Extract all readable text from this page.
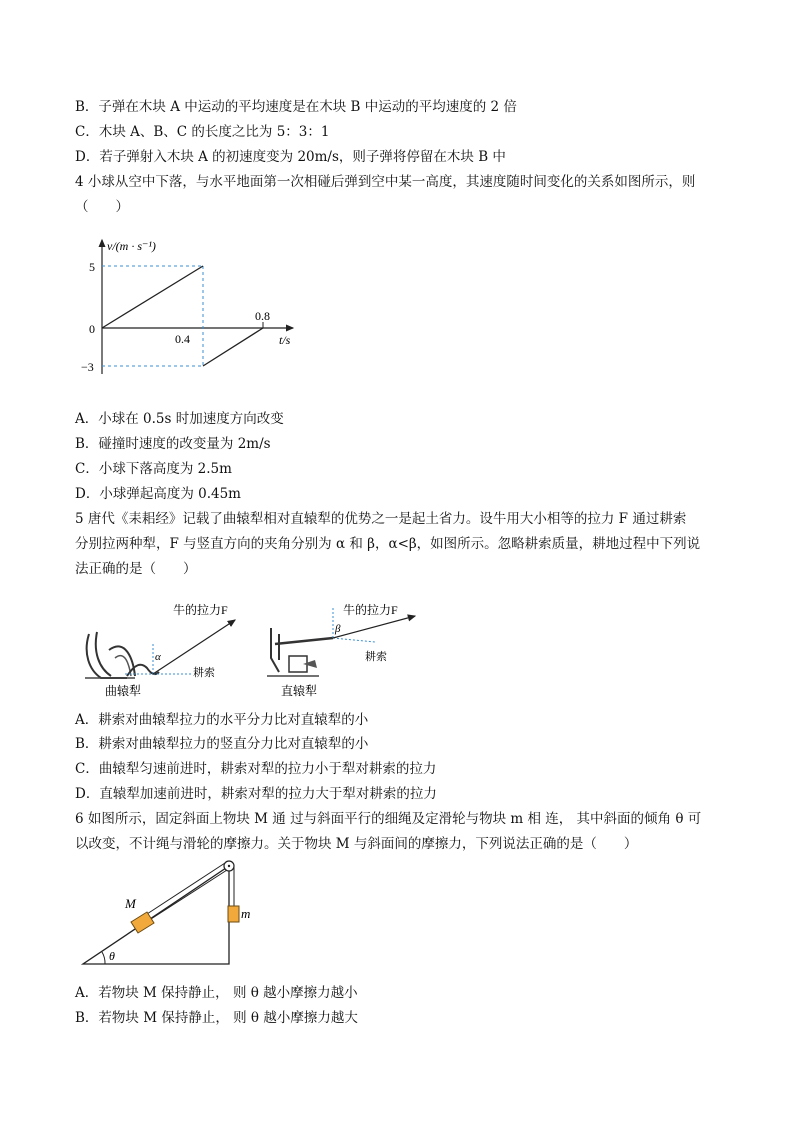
B．子弹在木块 A 中运动的平均速度是在木块 B 中运动的平均速度的 2 倍
C．木块 A、B、C 的长度之比为 5：3：1
D．若子弹射入木块 A 的初速度变为 20m/s，则子弹将停留在木块 B 中
4 小球从空中下落，与水平地面第一次相碰后弹到空中某一高度，其速度随时间变化的关系如图所示，则
（　　）
v/(m · s⁻¹)
t/s
0
5
−3
0.4
0.8
A．小球在 0.5s 时加速度方向改变
B．碰撞时速度的改变量为 2m/s
C．小球下落高度为 2.5m
D．小球弹起高度为 0.45m
5 唐代《耒耜经》记载了曲辕犁相对直辕犁的优势之一是起土省力。设牛用大小相等的拉力 F 通过耕索
分别拉两种犁，F 与竖直方向的夹角分别为 α 和 β，α<β，如图所示。忽略耕索质量，耕地过程中下列说
法正确的是（　　）
牛的拉力F
α
耕索
曲辕犁
牛的拉力F
β
耕索
直辕犁
A．耕索对曲辕犁拉力的水平分力比对直辕犁的小
B．耕索对曲辕犁拉力的竖直分力比对直辕犁的小
C．曲辕犁匀速前进时，耕索对犁的拉力小于犁对耕索的拉力
D．直辕犁加速前进时，耕索对犁的拉力大于犁对耕索的拉力
6 如图所示，固定斜面上物块 M 通 过与斜面平行的细绳及定滑轮与物块 m 相 连， 其中斜面的倾角 θ 可
以改变，不计绳与滑轮的摩擦力。关于物块 M 与斜面间的摩擦力，下列说法正确的是（　　）
M
m
θ
A．若物块 M 保持静止， 则 θ 越小摩擦力越小
B．若物块 M 保持静止， 则 θ 越小摩擦力越大
